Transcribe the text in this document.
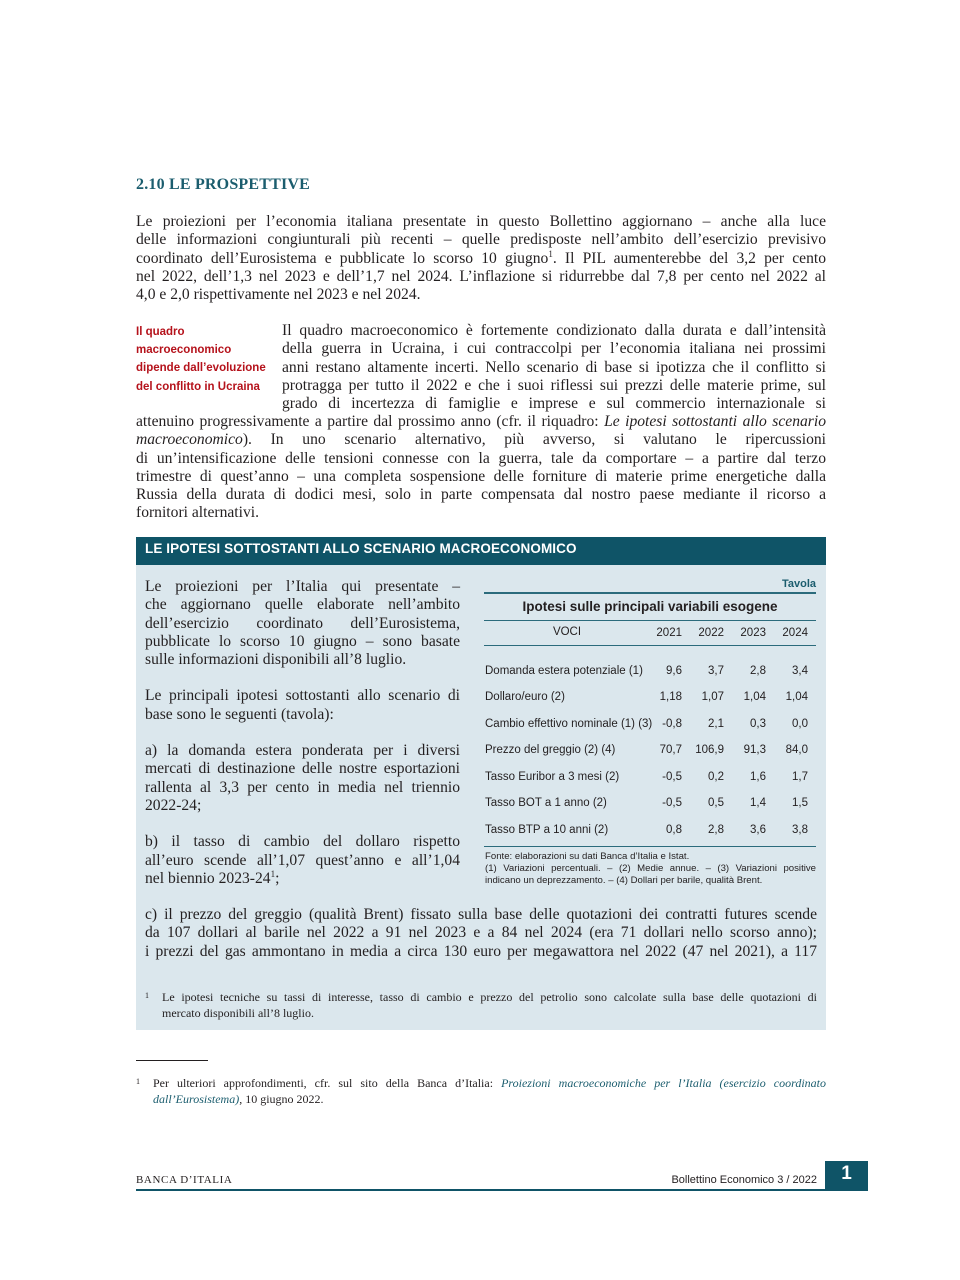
2.10 LE PROSPETTIVE
Le proiezioni per l’economia italiana presentate in questo Bollettino aggiornano – anche alla luce
delle informazioni congiunturali più recenti – quelle predisposte nell’ambito dell’esercizio previsivo
coordinato dell’Eurosistema e pubblicate lo scorso 10 giugno$^1$. Il PIL aumenterebbe del 3,2 per cento
nel 2022, dell’1,3 nel 2023 e dell’1,7 nel 2024. L’inflazione si ridurrebbe dal 7,8 per cento nel 2022 al
4,0 e 2,0 rispettivamente nel 2023 e nel 2024.
Il quadro
macroeconomico
dipende dall’evoluzione
del conflitto in Ucraina
Il quadro macroeconomico è fortemente condizionato dalla durata e dall’intensità
della guerra in Ucraina, i cui contraccolpi per l’economia italiana nei prossimi
anni restano altamente incerti. Nello scenario di base si ipotizza che il conflitto si
protragga per tutto il 2022 e che i suoi riflessi sui prezzi delle materie prime, sul
grado di incertezza di famiglie e imprese e sul commercio internazionale si
attenuino progressivamente a partire dal prossimo anno (cfr. il riquadro: Le ipotesi sottostanti allo scenario
macroeconomico). In uno scenario alternativo, più avverso, si valutano le ripercussioni
di un’intensificazione delle tensioni connesse con la guerra, tale da comportare – a partire dal terzo
trimestre di quest’anno – una completa sospensione delle forniture di materie prime energetiche dalla
Russia della durata di dodici mesi, solo in parte compensata dal nostro paese mediante il ricorso a
fornitori alternativi.
LE IPOTESI SOTTOSTANTI ALLO SCENARIO MACROECONOMICO

Le proiezioni per l’Italia qui presentate –
che aggiornano quelle elaborate nell’ambito
dell’esercizio coordinato dell’Eurosistema,
pubblicate lo scorso 10 giugno – sono basate
sulle informazioni disponibili all’8 luglio.

Le principali ipotesi sottostanti allo scenario di
base sono le seguenti (tavola):

a) la domanda estera ponderata per i diversi
mercati di destinazione delle nostre esportazioni
rallenta al 3,3 per cento in media nel triennio
2022-24;

b) il tasso di cambio del dollaro rispetto
all’euro scende all’1,07 quest’anno e all’1,04
nel biennio $2023-24^1$;

Tavola
Ipotesi sulle principali variabili esogene
VOCI	2021	2022	2023	2024
Domanda estera potenziale (1)	9,6	3,7	2,8	3,4
Dollaro/euro (2)	1,18	1,07	1,04	1,04
Cambio effettivo nominale (1) (3) -0,8	2,1	0,3	0,0
Prezzo del greggio (2) (4)	70,7	106,9	91,3	84,0
Tasso Euribor a 3 mesi (2)	-0,5	0,2	1,6	1,7
Tasso BOT a 1 anno (2)	-0,5	0,5	1,4	1,5
Tasso BTP a 10 anni (2)	0,8	2,8	3,6	3,8
Fonte: elaborazioni su dati Banca d’Italia e Istat.
(1) Variazioni percentuali. – (2) Medie annue. – (3) Variazioni positive
indicano un deprezzamento. – (4) Dollari per barile, qualità Brent.
c) il prezzo del greggio (qualità Brent) fissato sulla base delle quotazioni dei contratti futures scende
da 107 dollari al barile nel 2022 a 91 nel 2023 e a 84 nel 2024 (era 71 dollari nello scorso anno);
i prezzi del gas ammontano in media a circa 130 euro per megawattora nel 2022 (47 nel 2021), a 117
1 Le ipotesi tecniche su tassi di interesse, tasso di cambio e prezzo del petrolio sono calcolate sulla base delle quotazioni di
mercato disponibili all’8 luglio.
1 Per ulteriori approfondimenti, cfr. sul sito della Banca d’Italia: Proiezioni macroeconomiche per l’Italia (esercizio coordinato
dall’Eurosistema), 10 giugno 2022.
BANCA D’ITALIA	Bollettino Economico 3 / 2022	1
